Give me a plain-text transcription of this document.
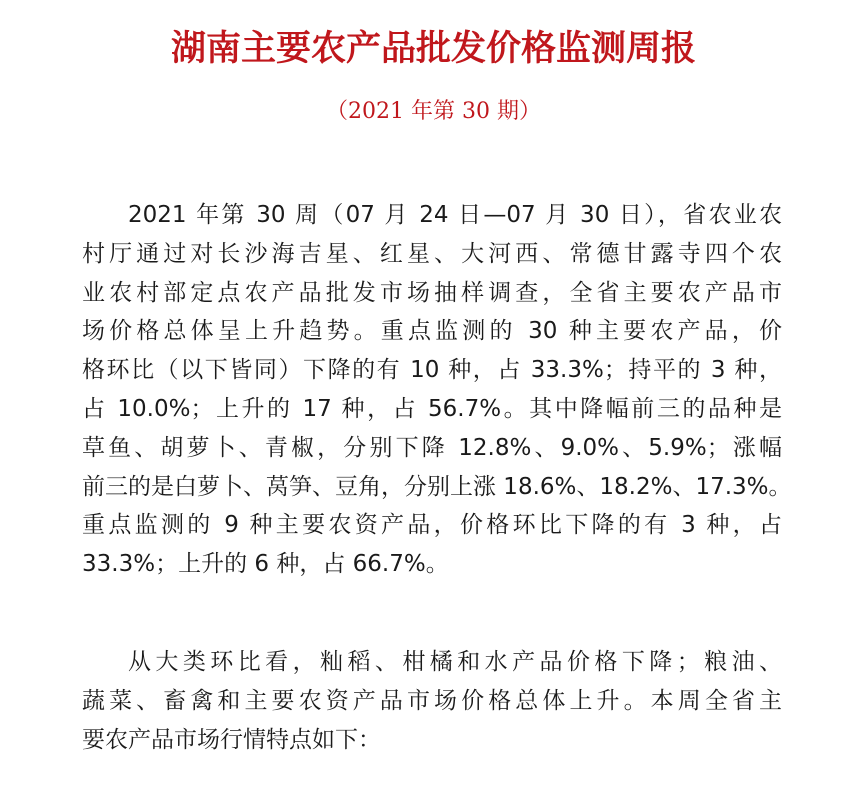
湖南主要农产品批发价格监测周报
（2021 年第 30 期）
2021 年第 30 周（07 月 24 日—07 月 30 日），省农业农
村厅通过对长沙海吉星、红星、大河西、常德甘露寺四个农
业农村部定点农产品批发市场抽样调查，全省主要农产品市
场价格总体呈上升趋势。重点监测的 30 种主要农产品，价
格环比（以下皆同）下降的有 10 种，占 33.3%；持平的 3 种，
占 10.0%；上升的 17 种，占 56.7%。其中降幅前三的品种是
草鱼、胡萝卜、青椒，分别下降 12.8%、9.0%、5.9%；涨幅
前三的是白萝卜、莴笋、豆角，分别上涨 18.6%、18.2%、17.3%。
重点监测的 9 种主要农资产品，价格环比下降的有 3 种，占
33.3%；上升的 6 种，占 66.7%。
从大类环比看，籼稻、柑橘和水产品价格下降；粮油、
蔬菜、畜禽和主要农资产品市场价格总体上升。本周全省主
要农产品市场行情特点如下：
